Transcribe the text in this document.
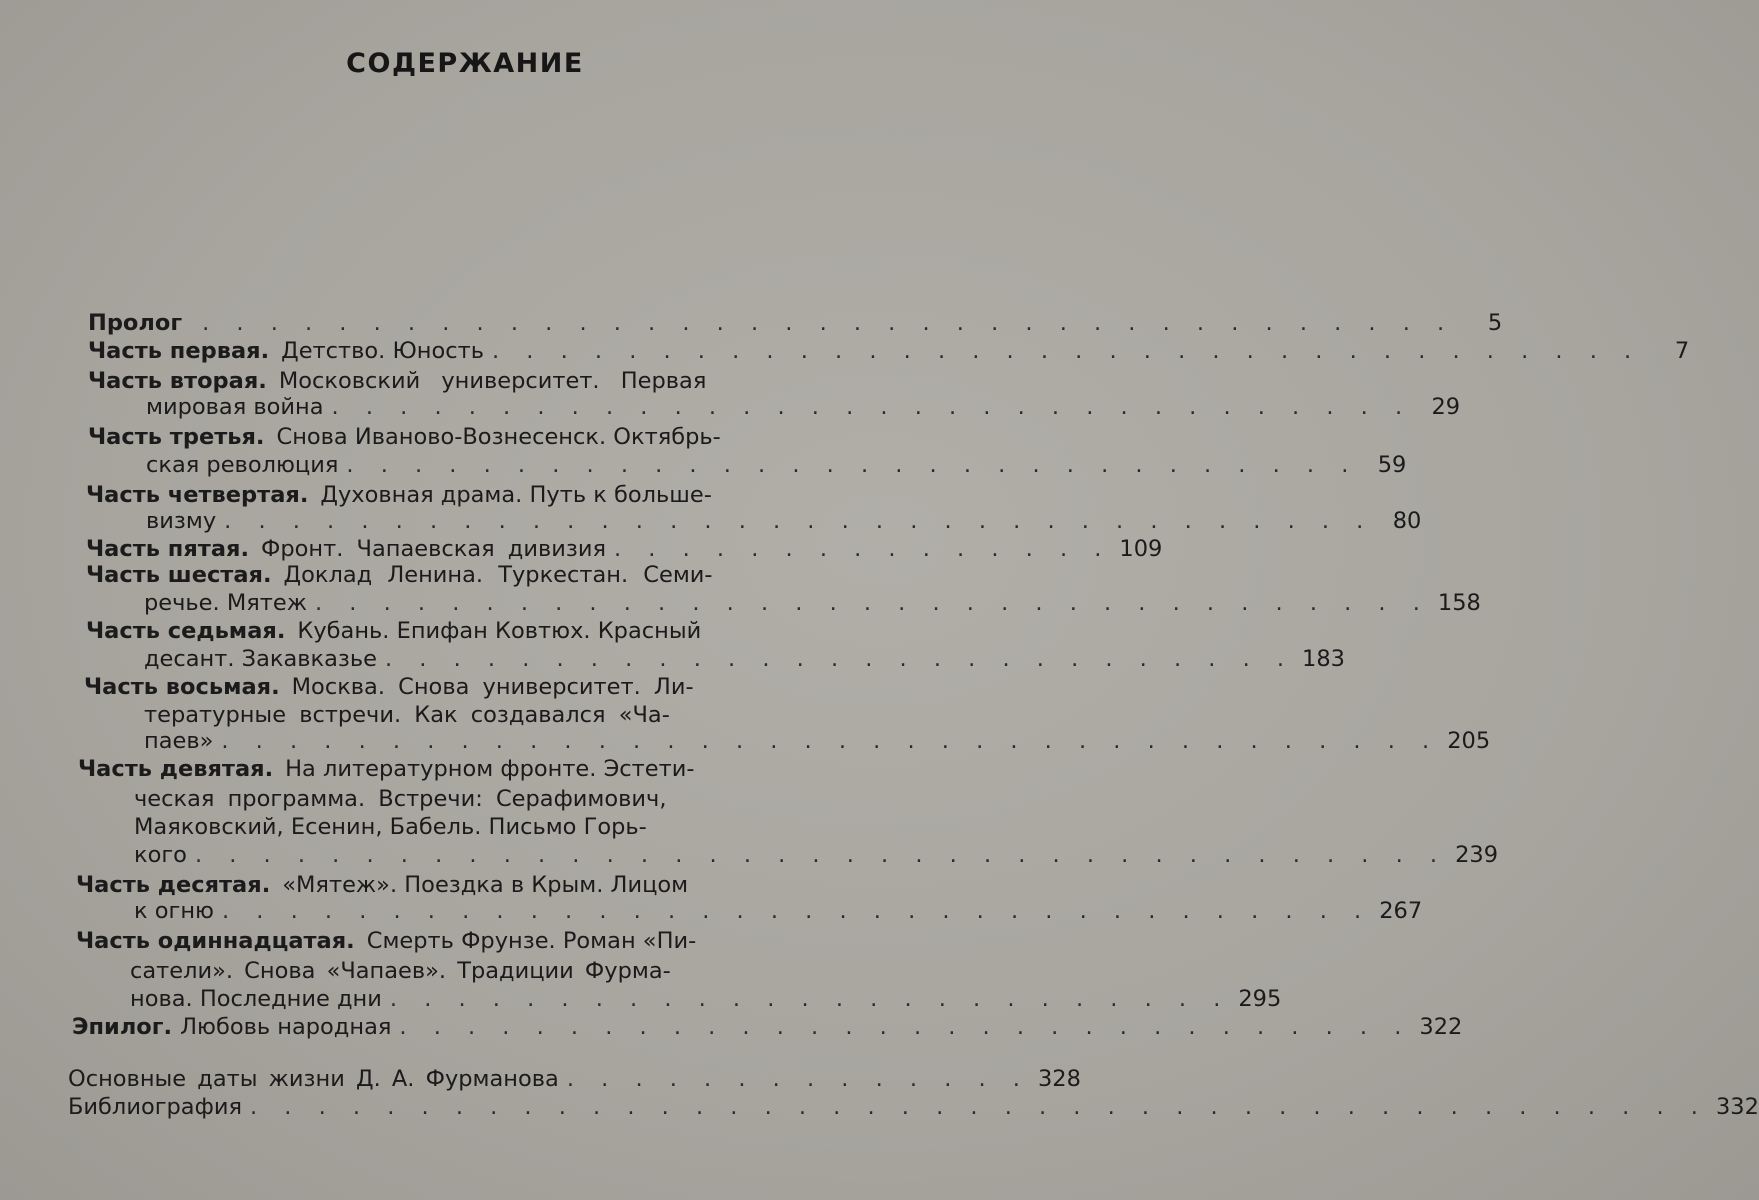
СОДЕРЖАНИЕ
Пролог . . . . . . . . . . . . . . . . . . . . . . . . . . . . . . . . . . . . .	5
Часть первая. Детство. Юность . . . . . . . . . . . . . . . . . . . . . . . . . . . . . . . . . .	7
Часть вторая. Московский университет. Первая
мировая война . . . . . . . . . . . . . . . . . . . . . . . . . . . . . . . . 29
Часть третья. Снова Иваново-Вознесенск. Октябрь-
ская революция . . . . . . . . . . . . . . . . . . . . . . . . . . . . . . 59
Часть четвертая. Духовная драма. Путь к больше-
визму . . . . . . . . . . . . . . . . . . . . . . . . . . . . . . . . . . 80
Часть пятая. Фронт. Чапаевская дивизия . . . . . . . . . . . . . . . 109
Часть шестая. Доклад Ленина. Туркестан. Семи-
речье. Мятеж . . . . . . . . . . . . . . . . . . . . . . . . . . . . . . . . . 158
Часть седьмая. Кубань. Епифан Ковтюх. Красный
десант. Закавказье . . . . . . . . . . . . . . . . . . . . . . . . . . . 183
Часть восьмая. Москва. Снова университет. Ли-
тературные встречи. Как создавался «Ча-
паев» . . . . . . . . . . . . . . . . . . . . . . . . . . . . . . . . . . . . 205
Часть девятая. На литературном фронте. Эстети-
ческая программа. Встречи: Серафимович,
Маяковский, Есенин, Бабель. Письмо Горь-
кого . . . . . . . . . . . . . . . . . . . . . . . . . . . . . . . . . . . . . 239
Часть десятая. «Мятеж». Поездка в Крым. Лицом
к огню . . . . . . . . . . . . . . . . . . . . . . . . . . . . . . . . . . 267
Часть одиннадцатая. Смерть Фрунзе. Роман «Пи-
сатели». Снова «Чапаев». Традиции Фурма-
нова. Последние дни . . . . . . . . . . . . . . . . . . . . . . . . . 295
Эпилог. Любовь народная . . . . . . . . . . . . . . . . . . . . . . . . . . . . . . 322
Основные даты жизни Д. А. Фурманова . . . . . . . . . . . . . . 328
Библиография . . . . . . . . . . . . . . . . . . . . . . . . . . . . . . . . . . . . . . . . . . . 332
